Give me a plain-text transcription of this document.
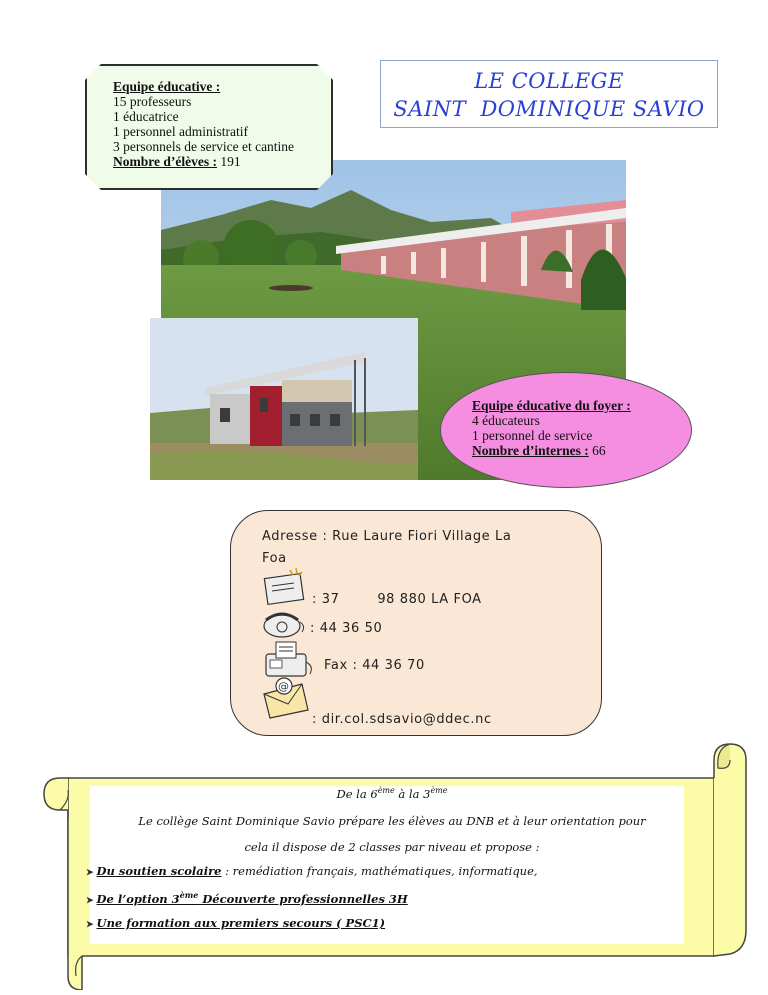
Equipe éducative :
15 professeurs
1 éducatrice
1 personnel administratif
3 personnels de service et cantine
Nombre d’élèves : 191
LE COLLEGE
SAINT  DOMINIQUE SAVIO
Equipe éducative du foyer :
4 éducateurs
1 personnel de service
Nombre d’internes : 66
Adresse : Rue Laure Fiori Village La
Foa
: 37        98 880 LA FOA
: 44 36 50
Fax : 44 36 70
@
: dir.col.sdsavio@ddec.nc
De la 6ème à la 3ème
Le collège Saint Dominique Savio prépare les élèves au DNB et à leur orientation pour
cela il dispose de 2 classes par niveau et propose :
➤ Du soutien scolaire : remédiation français, mathématiques, informatique,
➤ De l’option 3ème Découverte professionnelles 3H
➤ Une formation aux premiers secours ( PSC1)
